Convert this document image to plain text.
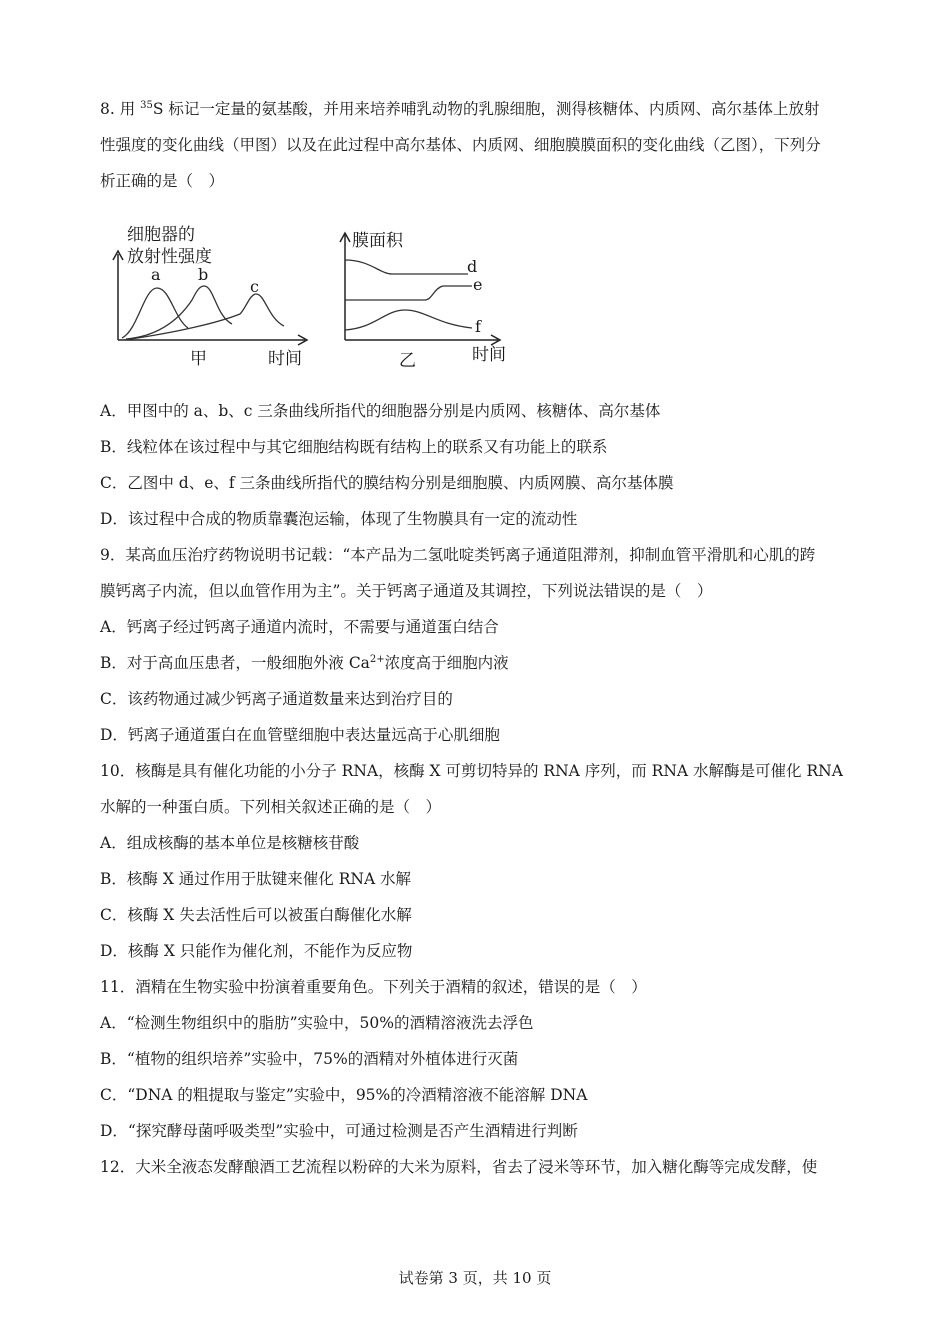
8. 用 $^{35}$S 标记一定量的氨基酸，并用来培养哺乳动物的乳腺细胞，测得核糖体、内质网、高尔基体上放射
性强度的变化曲线（甲图）以及在此过程中高尔基体、内质网、细胞膜膜面积的变化曲线（乙图），下列分
析正确的是（　）
细胞器的
放射性强度
a b
c
甲	时间
膜面积
d
e
f
乙	时间
A．甲图中的 a、b、c 三条曲线所指代的细胞器分别是内质网、核糖体、高尔基体
B．线粒体在该过程中与其它细胞结构既有结构上的联系又有功能上的联系
C．乙图中 d、e、f 三条曲线所指代的膜结构分别是细胞膜、内质网膜、高尔基体膜
D．该过程中合成的物质靠囊泡运输，体现了生物膜具有一定的流动性
9．某高血压治疗药物说明书记载：“本产品为二氢吡啶类钙离子通道阻滞剂，抑制血管平滑肌和心肌的跨
膜钙离子内流，但以血管作用为主”。关于钙离子通道及其调控，下列说法错误的是（　）
A．钙离子经过钙离子通道内流时，不需要与通道蛋白结合
B．对于高血压患者，一般细胞外液 $Ca^{2+}$浓度高于细胞内液
C．该药物通过减少钙离子通道数量来达到治疗目的
D．钙离子通道蛋白在血管壁细胞中表达量远高于心肌细胞
10．核酶是具有催化功能的小分子 RNA，核酶 X 可剪切特异的 RNA 序列，而 RNA 水解酶是可催化 RNA
水解的一种蛋白质。下列相关叙述正确的是（　）
A．组成核酶的基本单位是核糖核苷酸
B．核酶 X 通过作用于肽键来催化 RNA 水解
C．核酶 X 失去活性后可以被蛋白酶催化水解
D．核酶 X 只能作为催化剂，不能作为反应物
11．酒精在生物实验中扮演着重要角色。下列关于酒精的叙述，错误的是（　）
A．“检测生物组织中的脂肪”实验中，50%的酒精溶液洗去浮色
B．“植物的组织培养”实验中，75%的酒精对外植体进行灭菌
C．“DNA 的粗提取与鉴定”实验中，95%的冷酒精溶液不能溶解 DNA
D．“探究酵母菌呼吸类型”实验中，可通过检测是否产生酒精进行判断
12．大米全液态发酵酿酒工艺流程以粉碎的大米为原料，省去了浸米等环节，加入糖化酶等完成发酵，使
试卷第 3 页，共 10 页
